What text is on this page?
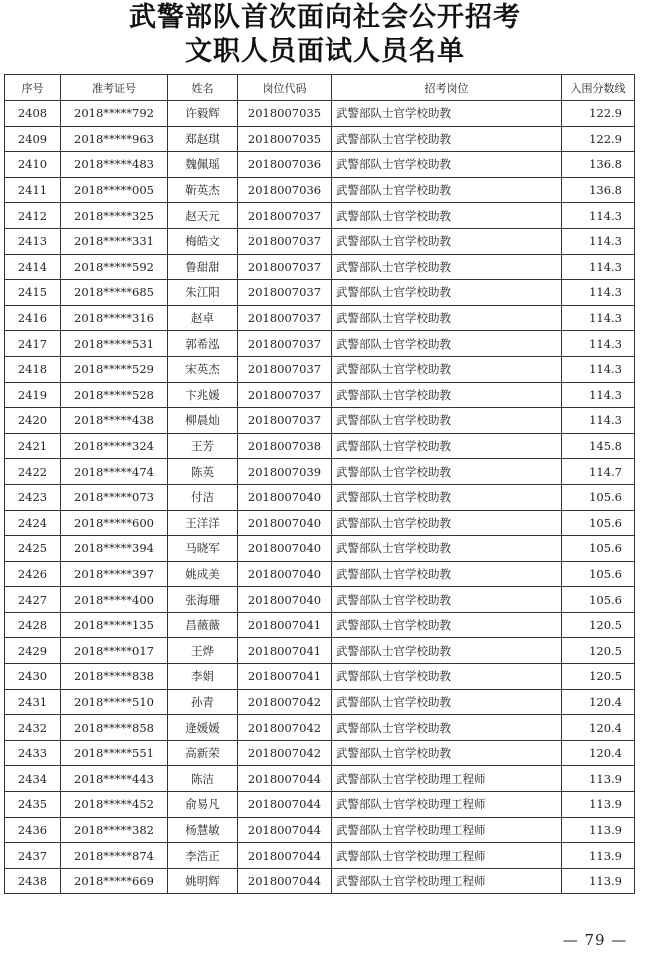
武警部队首次面向社会公开招考
文职人员面试人员名单
序号	准考证号	姓名	岗位代码	招考岗位	入围分数线
2408	2018*****792	许毅辉	2018007035	武警部队士官学校助教	122.9
2409	2018*****963	郑赵琪	2018007035	武警部队士官学校助教	122.9
2410	2018*****483	魏佩瑶	2018007036	武警部队士官学校助教	136.8
2411	2018*****005	靳英杰	2018007036	武警部队士官学校助教	136.8
2412	2018*****325	赵天元	2018007037	武警部队士官学校助教	114.3
2413	2018*****331	梅皓文	2018007037	武警部队士官学校助教	114.3
2414	2018*****592	鲁甜甜	2018007037	武警部队士官学校助教	114.3
2415	2018*****685	朱江阳	2018007037	武警部队士官学校助教	114.3
2416	2018*****316	赵卓	2018007037	武警部队士官学校助教	114.3
2417	2018*****531	郭希泓	2018007037	武警部队士官学校助教	114.3
2418	2018*****529	宋英杰	2018007037	武警部队士官学校助教	114.3
2419	2018*****528	卞兆媛	2018007037	武警部队士官学校助教	114.3
2420	2018*****438	柳晨灿	2018007037	武警部队士官学校助教	114.3
2421	2018*****324	王芳	2018007038	武警部队士官学校助教	145.8
2422	2018*****474	陈英	2018007039	武警部队士官学校助教	114.7
2423	2018*****073	付洁	2018007040	武警部队士官学校助教	105.6
2424	2018*****600	王洋洋	2018007040	武警部队士官学校助教	105.6
2425	2018*****394	马晓军	2018007040	武警部队士官学校助教	105.6
2426	2018*****397	姚成美	2018007040	武警部队士官学校助教	105.6
2427	2018*****400	张海珊	2018007040	武警部队士官学校助教	105.6
2428	2018*****135	昌薇薇	2018007041	武警部队士官学校助教	120.5
2429	2018*****017	王烨	2018007041	武警部队士官学校助教	120.5
2430	2018*****838	李娟	2018007041	武警部队士官学校助教	120.5
2431	2018*****510	孙青	2018007042	武警部队士官学校助教	120.4
2432	2018*****858	逄媛媛	2018007042	武警部队士官学校助教	120.4
2433	2018*****551	高新荣	2018007042	武警部队士官学校助教	120.4
2434	2018*****443	陈洁	2018007044	武警部队士官学校助理工程师	113.9
2435	2018*****452	俞易凡	2018007044	武警部队士官学校助理工程师	113.9
2436	2018*****382	杨慧敏	2018007044	武警部队士官学校助理工程师	113.9
2437	2018*****874	李浩正	2018007044	武警部队士官学校助理工程师	113.9
2438	2018*****669	姚明辉	2018007044	武警部队士官学校助理工程师	113.9
— 79 —
